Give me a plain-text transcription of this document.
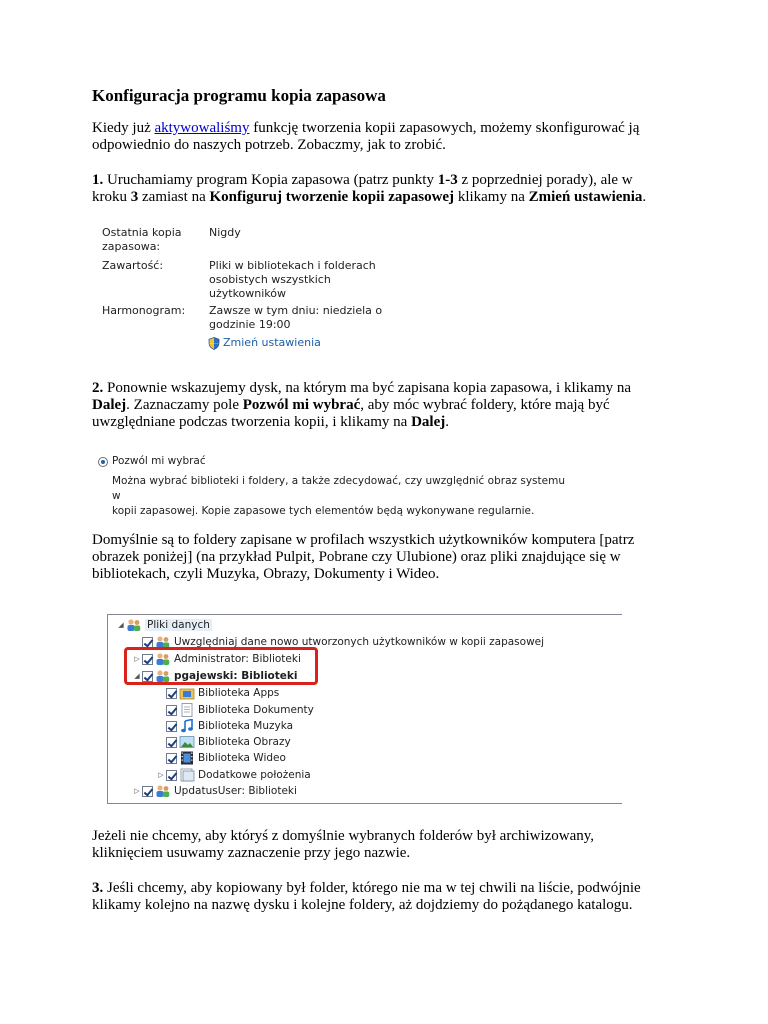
Konfiguracja programu kopia zapasowa
Kiedy już aktywowaliśmy funkcję tworzenia kopii zapasowych, możemy skonfigurować ją
odpowiednio do naszych potrzeb. Zobaczmy, jak to zrobić.
1. Uruchamiamy program Kopia zapasowa (patrz punkty 1-3 z poprzedniej porady), ale w
kroku 3 zamiast na Konfiguruj tworzenie kopii zapasowej klikamy na Zmień ustawienia.
Ostatnia kopia
zapasowa:
Nigdy
Zawartość:	Pliki w bibliotekach i folderach
osobistych wszystkich
użytkowników
Harmonogram: Zawsze w tym dniu: niedziela o
godzinie 19:00
Zmień ustawienia
2. Ponownie wskazujemy dysk, na którym ma być zapisana kopia zapasowa, i klikamy na
Dalej. Zaznaczamy pole Pozwól mi wybrać, aby móc wybrać foldery, które mają być
uwzględniane podczas tworzenia kopii, i klikamy na Dalej.
Pozwól mi wybrać
Można wybrać biblioteki i foldery, a także zdecydować, czy uwzględnić obraz systemu w
kopii zapasowej. Kopie zapasowe tych elementów będą wykonywane regularnie.
Domyślnie są to foldery zapisane w profilach wszystkich użytkowników komputera [patrz
obrazek poniżej] (na przykład Pulpit, Pobrane czy Ulubione) oraz pliki znajdujące się w
bibliotekach, czyli Muzyka, Obrazy, Dokumenty i Wideo.
◢ Pliki danych
Uwzględniaj dane nowo utworzonych użytkowników w kopii zapasowej
▷	Administrator: Biblioteki
◢	pgajewski: Biblioteki
Biblioteka Apps
Biblioteka Dokumenty
Biblioteka Muzyka
Biblioteka Obrazy
Biblioteka Wideo
▷	Dodatkowe położenia
▷	UpdatusUser: Biblioteki
Jeżeli nie chcemy, aby któryś z domyślnie wybranych folderów był archiwizowany,
kliknięciem usuwamy zaznaczenie przy jego nazwie.
3. Jeśli chcemy, aby kopiowany był folder, którego nie ma w tej chwili na liście, podwójnie
klikamy kolejno na nazwę dysku i kolejne foldery, aż dojdziemy do pożądanego katalogu.
